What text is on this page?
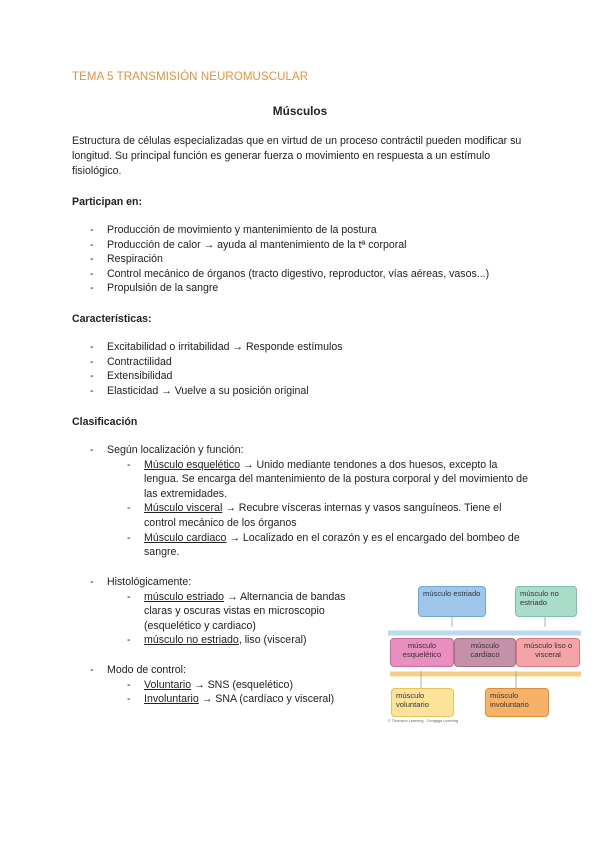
TEMA 5 TRANSMISIÓN NEUROMUSCULAR
Músculos
Estructura de células especializadas que en virtud de un proceso contráctil pueden modificar su longitud. Su principal función es generar fuerza o movimiento en respuesta a un estímulo fisiológico.
Participan en:
- Producción de movimiento y mantenimiento de la postura
- Producción de calor → ayuda al mantenimiento de la tª corporal
- Respiración
- Control mecánico de órganos (tracto digestivo, reproductor, vías aéreas, vasos...)
- Propulsión de la sangre
Características:
- Excitabilidad o irritabilidad → Responde estímulos
- Contractilidad
- Extensibilidad
- Elasticidad → Vuelve a su posición original
Clasificación
- Según localización y función:
- Músculo esquelético → Unido mediante tendones a dos huesos, excepto la lengua. Se encarga del mantenimiento de la postura corporal y del movimiento de las extremidades.
- Músculo visceral → Recubre vísceras internas y vasos sanguíneos. Tiene el control mecánico de los órganos
- Músculo cardiaco → Localizado en el corazón y es el encargado del bombeo de sangre.
- Histológicamente:
- músculo estriado → Alternancia de bandas claras y oscuras vistas en microscopio (esquelético y cardiaco)
- músculo no estriado, liso (visceral)
- Modo de control:
- Voluntario → SNS (esquelético)
- Involuntario → SNA (cardíaco y visceral)
músculo estriado	músculo no estriado
músculo esquelético
músculo cardíaco
músculo liso o visceral
músculo voluntario
músculo involuntario
© Thomson Learning · Cengage Learning
